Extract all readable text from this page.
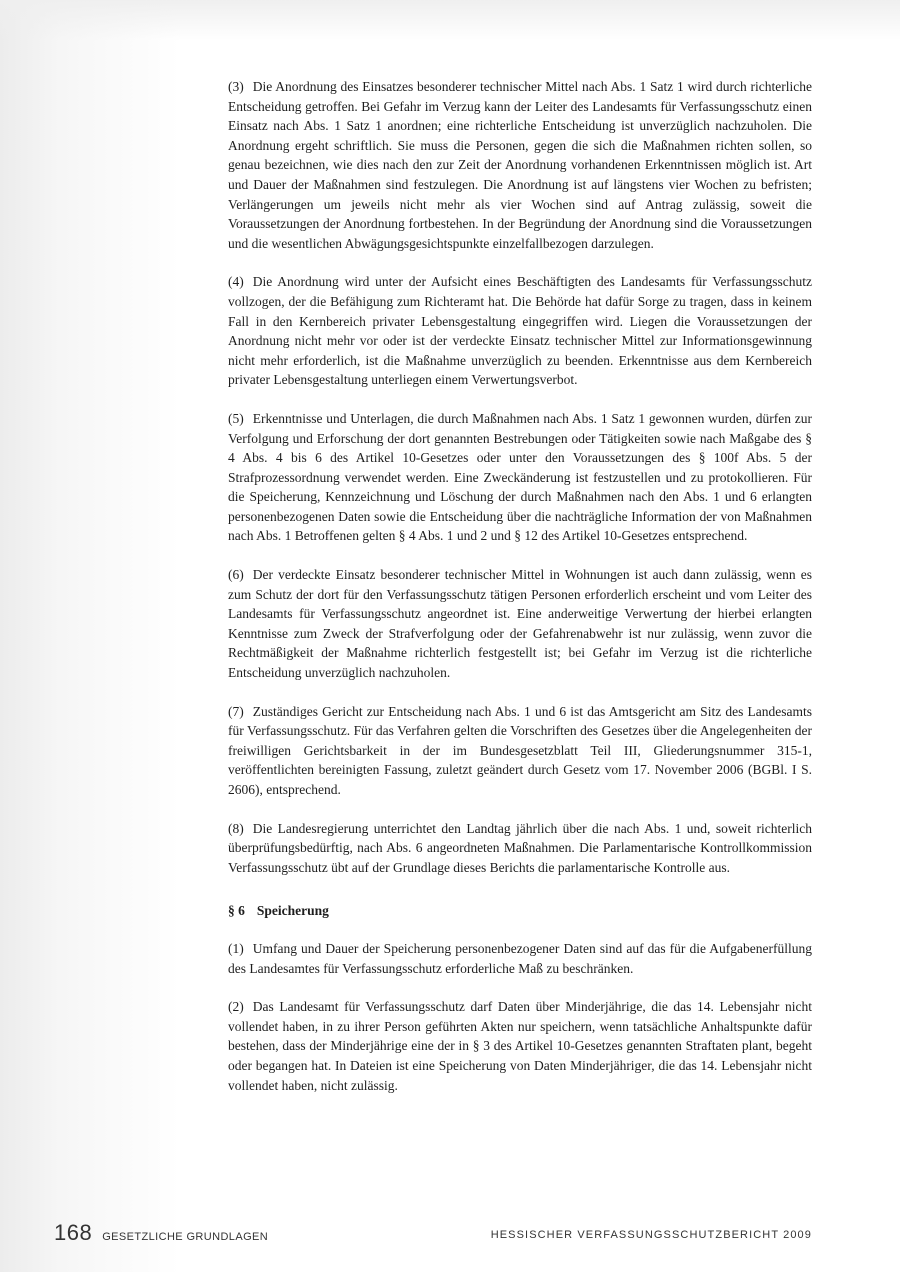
(3) Die Anordnung des Einsatzes besonderer technischer Mittel nach Abs. 1 Satz 1 wird durch richterliche Entscheidung getroffen. Bei Gefahr im Verzug kann der Leiter des Landesamts für Verfassungsschutz einen Einsatz nach Abs. 1 Satz 1 anordnen; eine richterliche Entscheidung ist unverzüglich nachzuholen. Die Anordnung ergeht schriftlich. Sie muss die Personen, gegen die sich die Maßnahmen richten sollen, so genau bezeichnen, wie dies nach den zur Zeit der Anordnung vorhandenen Erkenntnissen möglich ist. Art und Dauer der Maßnahmen sind festzulegen. Die Anordnung ist auf längstens vier Wochen zu befristen; Verlängerungen um jeweils nicht mehr als vier Wochen sind auf Antrag zulässig, soweit die Voraussetzungen der Anordnung fortbestehen. In der Begründung der Anordnung sind die Voraussetzungen und die wesentlichen Abwägungsgesichtspunkte einzelfallbezogen darzulegen.

(4) Die Anordnung wird unter der Aufsicht eines Beschäftigten des Landesamts für Verfassungsschutz vollzogen, der die Befähigung zum Richteramt hat. Die Behörde hat dafür Sorge zu tragen, dass in keinem Fall in den Kernbereich privater Lebensgestaltung eingegriffen wird. Liegen die Voraussetzungen der Anordnung nicht mehr vor oder ist der verdeckte Einsatz technischer Mittel zur Informationsgewinnung nicht mehr erforderlich, ist die Maßnahme unverzüglich zu beenden. Erkenntnisse aus dem Kernbereich privater Lebensgestaltung unterliegen einem Verwertungsverbot.

(5) Erkenntnisse und Unterlagen, die durch Maßnahmen nach Abs. 1 Satz 1 gewonnen wurden, dürfen zur Verfolgung und Erforschung der dort genannten Bestrebungen oder Tätigkeiten sowie nach Maßgabe des § 4 Abs. 4 bis 6 des Artikel 10-Gesetzes oder unter den Voraussetzungen des § 100f Abs. 5 der Strafprozessordnung verwendet werden. Eine Zweckänderung ist festzustellen und zu protokollieren. Für die Speicherung, Kennzeichnung und Löschung der durch Maßnahmen nach den Abs. 1 und 6 erlangten personenbezogenen Daten sowie die Entscheidung über die nachträgliche Information der von Maßnahmen nach Abs. 1 Betroffenen gelten § 4 Abs. 1 und 2 und § 12 des Artikel 10-Gesetzes entsprechend.

(6) Der verdeckte Einsatz besonderer technischer Mittel in Wohnungen ist auch dann zulässig, wenn es zum Schutz der dort für den Verfassungsschutz tätigen Personen erforderlich erscheint und vom Leiter des Landesamts für Verfassungsschutz angeordnet ist. Eine anderweitige Verwertung der hierbei erlangten Kenntnisse zum Zweck der Strafverfolgung oder der Gefahrenabwehr ist nur zulässig, wenn zuvor die Rechtmäßigkeit der Maßnahme richterlich festgestellt ist; bei Gefahr im Verzug ist die richterliche Entscheidung unverzüglich nachzuholen.

(7) Zuständiges Gericht zur Entscheidung nach Abs. 1 und 6 ist das Amtsgericht am Sitz des Landesamts für Verfassungsschutz. Für das Verfahren gelten die Vorschriften des Gesetzes über die Angelegenheiten der freiwilligen Gerichtsbarkeit in der im Bundesgesetzblatt Teil III, Gliederungsnummer 315-1, veröffentlichten bereinigten Fassung, zuletzt geändert durch Gesetz vom 17. November 2006 (BGBl. I S. 2606), entsprechend.

(8) Die Landesregierung unterrichtet den Landtag jährlich über die nach Abs. 1 und, soweit richterlich überprüfungsbedürftig, nach Abs. 6 angeordneten Maßnahmen. Die Parlamentarische Kontrollkommission Verfassungsschutz übt auf der Grundlage dieses Berichts die parlamentarische Kontrolle aus.

§ 6 Speicherung

(1) Umfang und Dauer der Speicherung personenbezogener Daten sind auf das für die Aufgabenerfüllung des Landesamtes für Verfassungsschutz erforderliche Maß zu beschränken.

(2) Das Landesamt für Verfassungsschutz darf Daten über Minderjährige, die das 14. Lebensjahr nicht vollendet haben, in zu ihrer Person geführten Akten nur speichern, wenn tatsächliche Anhaltspunkte dafür bestehen, dass der Minderjährige eine der in § 3 des Artikel 10-Gesetzes genannten Straftaten plant, begeht oder begangen hat. In Dateien ist eine Speicherung von Daten Minderjähriger, die das 14. Lebensjahr nicht vollendet haben, nicht zulässig.

168 GESETZLICHE GRUNDLAGEN	HESSISCHER VERFASSUNGSSCHUTZBERICHT 2009
